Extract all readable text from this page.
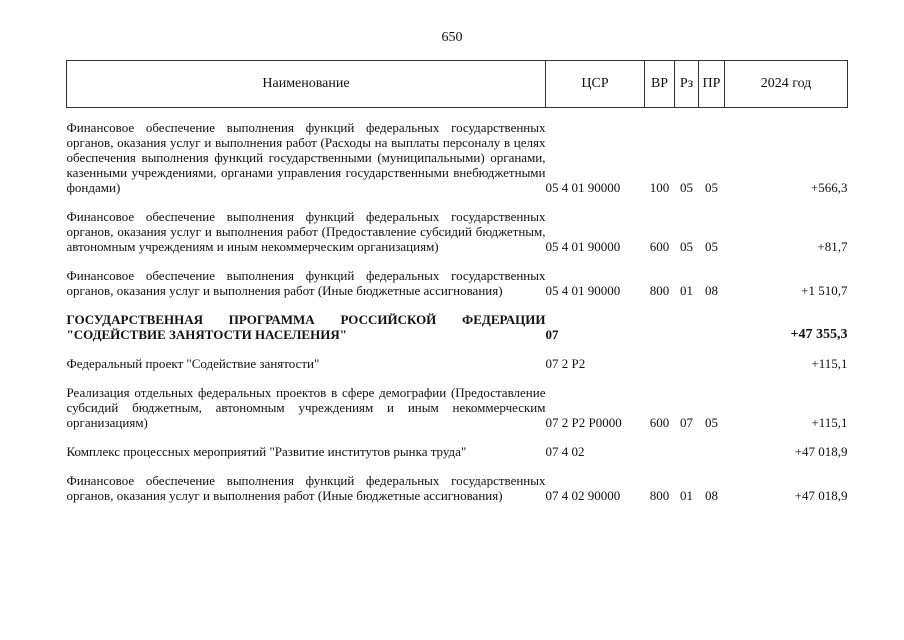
650
Наименование	ЦСР	ВР	Рз	ПР	2024 год
Финансовое обеспечение выполнения функций федеральных государственных органов, оказания услуг и выполнения работ (Расходы на выплаты персоналу в целях обеспечения выполнения функций государственными (муниципальными) органами, казенными учреждениями, органами управления государственными внебюджетными фондами)	05 4 01 90000	100	05	05	+566,3
Финансовое обеспечение выполнения функций федеральных государственных органов, оказания услуг и выполнения работ (Предоставление субсидий бюджетным, автономным учреждениям и иным некоммерческим организациям)	05 4 01 90000	600	05	05	+81,7
Финансовое обеспечение выполнения функций федеральных государственных органов, оказания услуг и выполнения работ (Иные бюджетные ассигнования)	05 4 01 90000	800	01	08	+1 510,7
ГОСУДАРСТВЕННАЯ ПРОГРАММА РОССИЙСКОЙ ФЕДЕРАЦИИ "СОДЕЙСТВИЕ ЗАНЯТОСТИ НАСЕЛЕНИЯ"	07				+47 355,3
Федеральный проект "Содействие занятости"	07 2 Р2				+115,1
Реализация отдельных федеральных проектов в сфере демографии (Предоставление субсидий бюджетным, автономным учреждениям и иным некоммерческим организациям)	07 2 Р2 Р0000	600	07	05	+115,1
Комплекс процессных мероприятий "Развитие институтов рынка труда"	07 4 02				+47 018,9
Финансовое обеспечение выполнения функций федеральных государственных органов, оказания услуг и выполнения работ (Иные бюджетные ассигнования)	07 4 02 90000	800	01	08	+47 018,9
